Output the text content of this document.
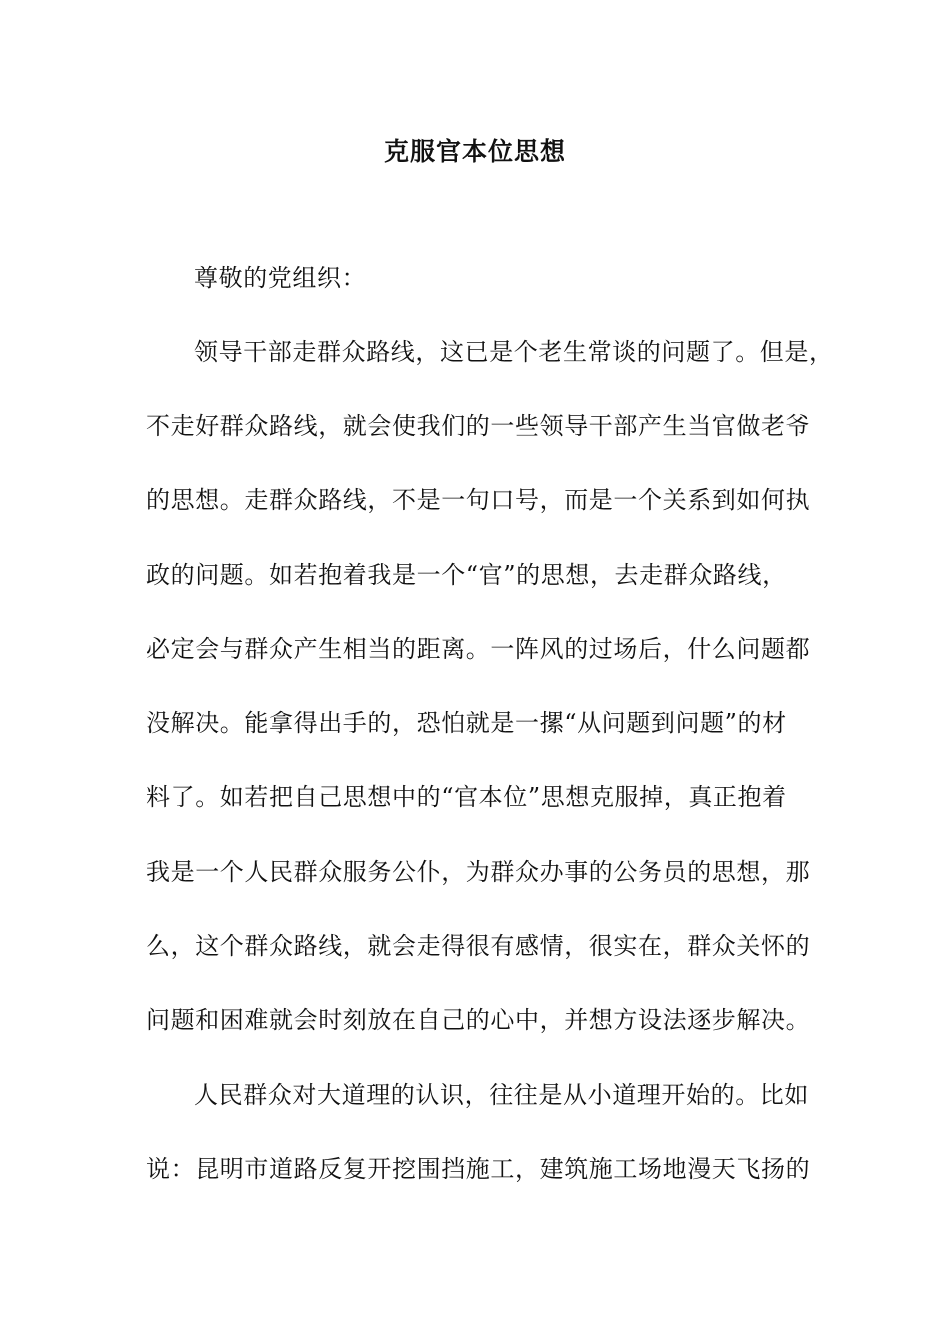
克服官本位思想
尊敬的党组织：
领导干部走群众路线，这已是个老生常谈的问题了。但是，
不走好群众路线，就会使我们的一些领导干部产生当官做老爷
的思想。走群众路线，不是一句口号，而是一个关系到如何执
政的问题。如若抱着我是一个“官”的思想，去走群众路线，
必定会与群众产生相当的距离。一阵风的过场后，什么问题都
没解决。能拿得出手的，恐怕就是一摞“从问题到问题”的材
料了。如若把自己思想中的“官本位”思想克服掉，真正抱着
我是一个人民群众服务公仆，为群众办事的公务员的思想，那
么，这个群众路线，就会走得很有感情，很实在，群众关怀的
问题和困难就会时刻放在自己的心中，并想方设法逐步解决。
人民群众对大道理的认识，往往是从小道理开始的。比如
说：昆明市道路反复开挖围挡施工，建筑施工场地漫天飞扬的
